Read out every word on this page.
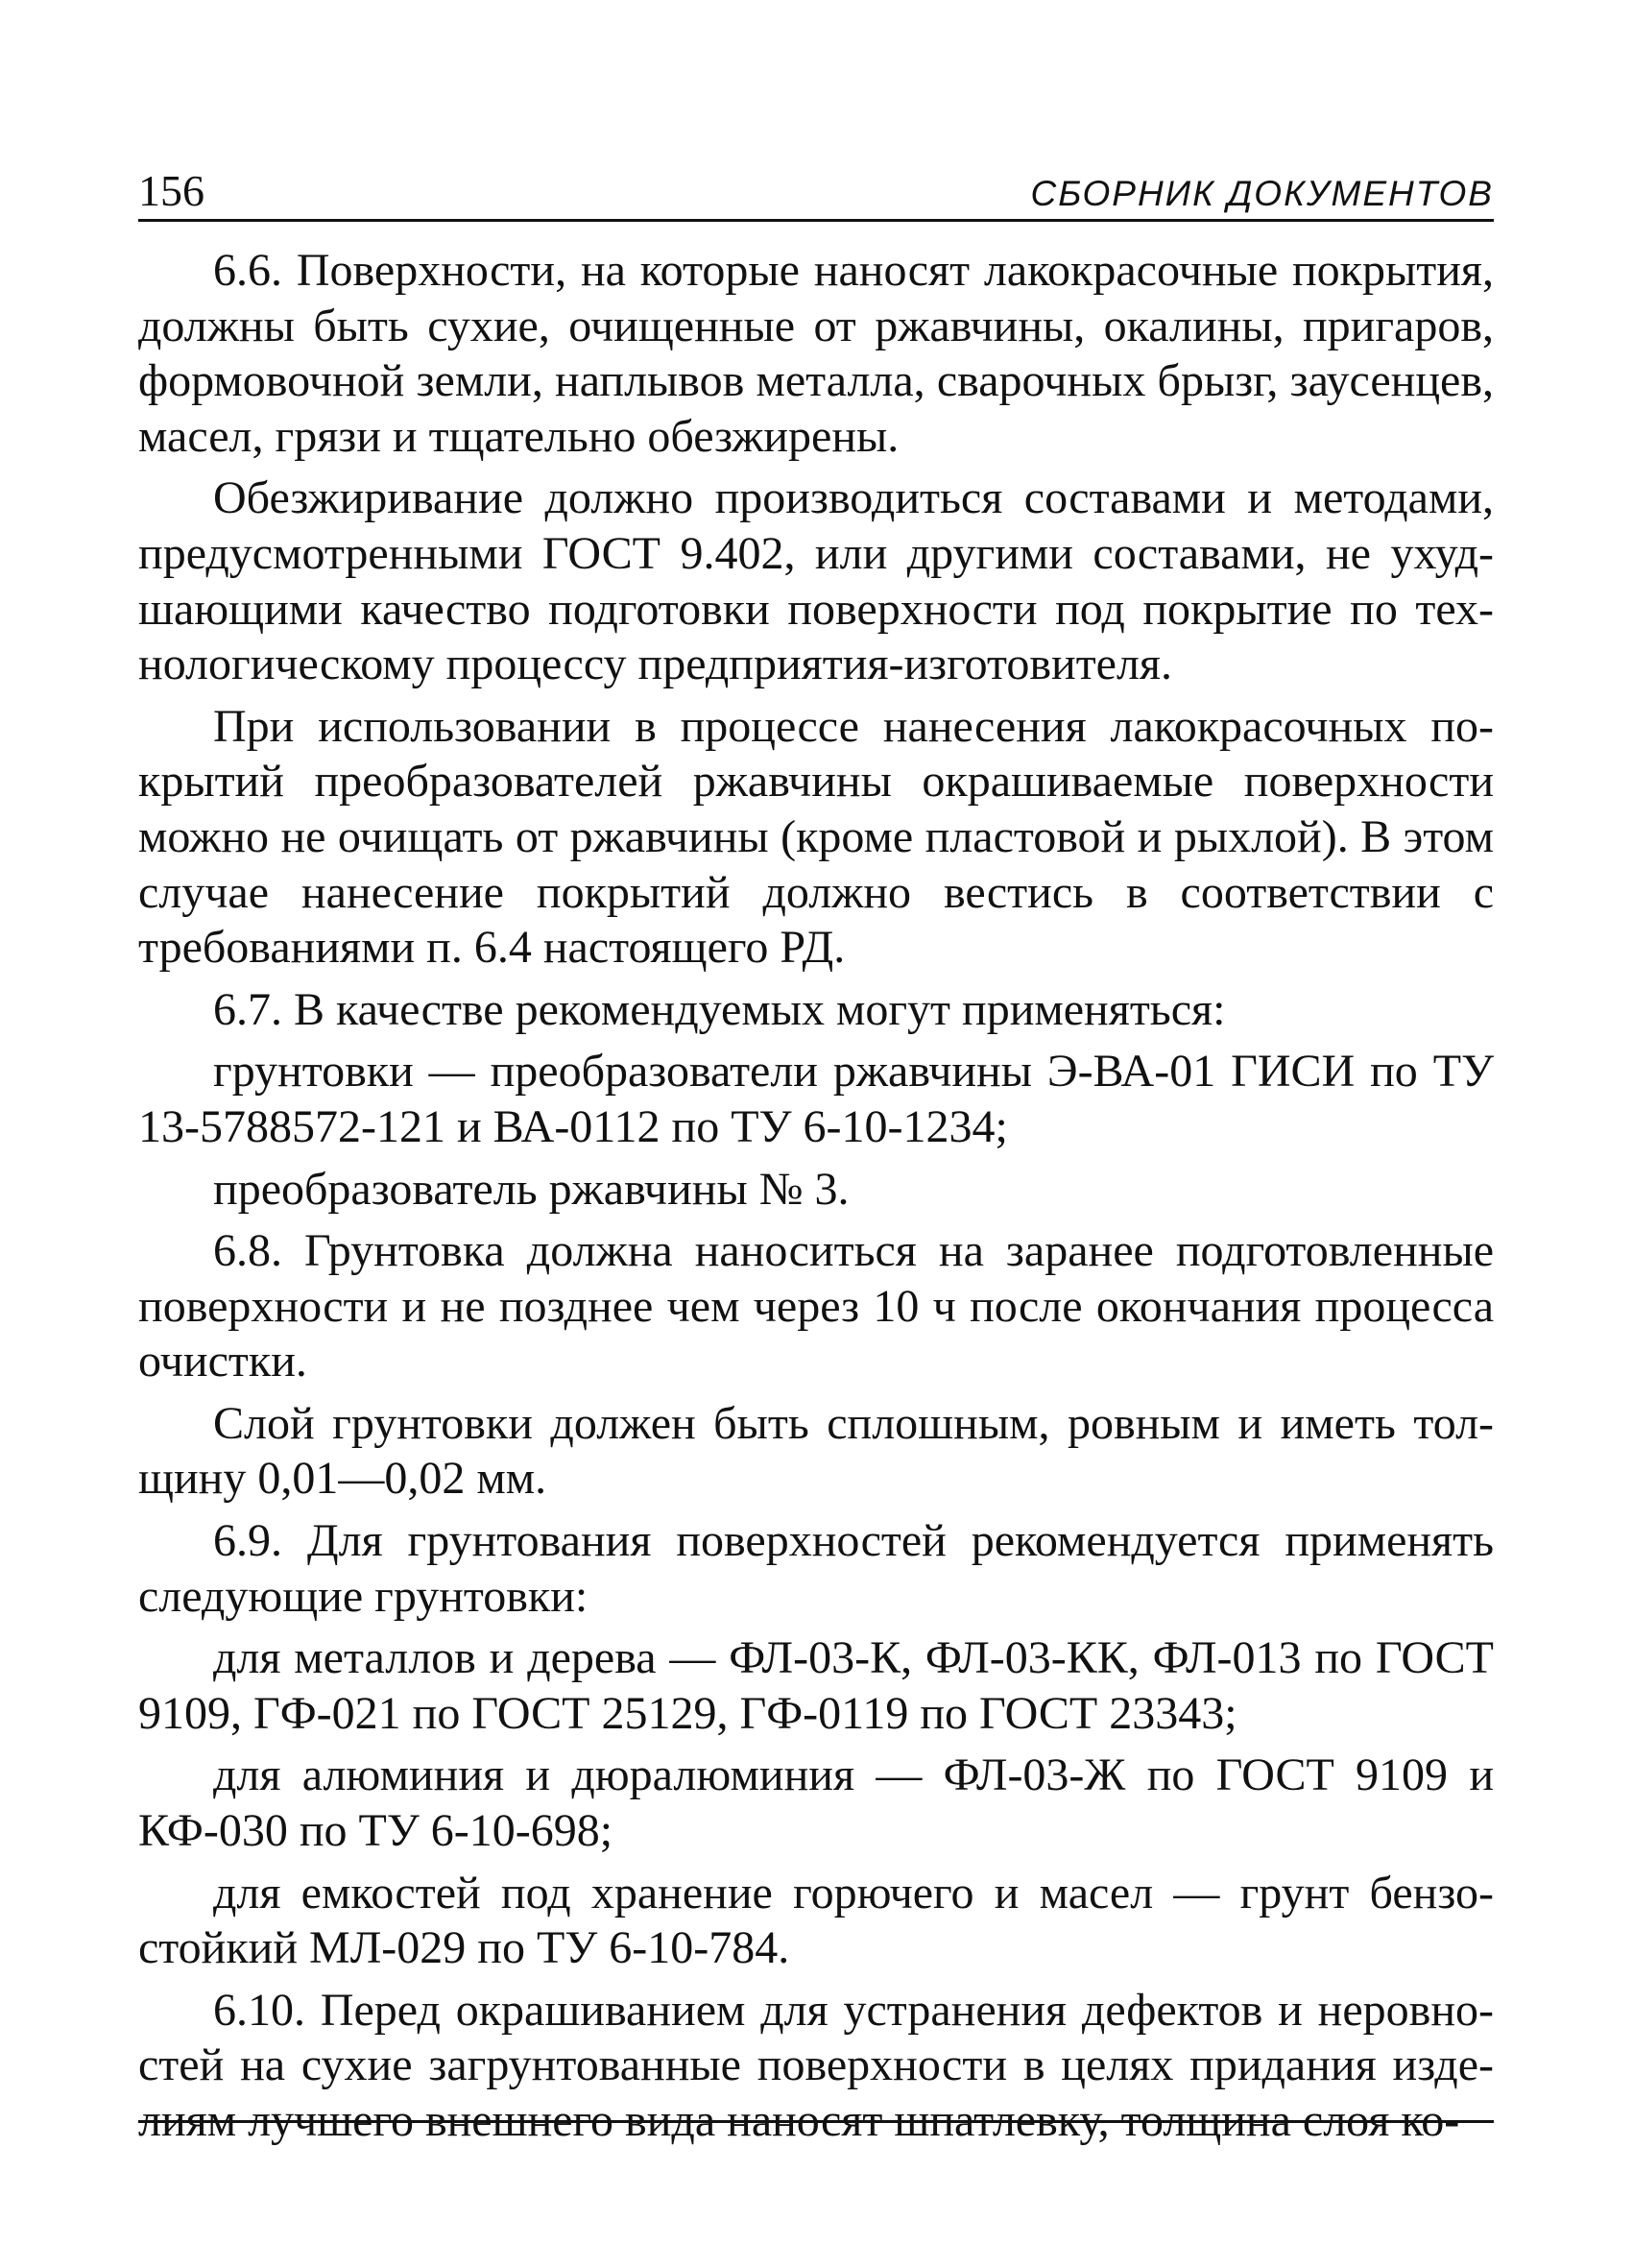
156	СБОРНИК ДОКУМЕНТОВ

6.6. Поверхности, на которые наносят лакокрасочные покрытия, должны быть сухие, очищенные от ржавчины, окалины, пригаров, формовочной земли, наплывов металла, сварочных брызг, заусенцев, масел, грязи и тщательно обезжирены.

Обезжиривание должно производиться составами и методами, предусмотренными ГОСТ 9.402, или другими составами, не ухудшающими качество подготовки поверхности под покрытие по технологическому процессу предприятия-изготовителя.

При использовании в процессе нанесения лакокрасочных покрытий преобразователей ржавчины окрашиваемые поверхности можно не очищать от ржавчины (кроме пластовой и рыхлой). В этом случае нанесение покрытий должно вестись в соответствии с требованиями п. 6.4 настоящего РД.

6.7. В качестве рекомендуемых могут применяться:

грунтовки — преобразователи ржавчины Э-ВА-01 ГИСИ по ТУ 13-5788572-121 и ВА-0112 по ТУ 6-10-1234;

преобразователь ржавчины № 3.

6.8. Грунтовка должна наноситься на заранее подготовленные поверхности и не позднее чем через 10 ч после окончания процесса очистки.

Слой грунтовки должен быть сплошным, ровным и иметь толщину 0,01—0,02 мм.

6.9. Для грунтования поверхностей рекомендуется применять следующие грунтовки:

для металлов и дерева — ФЛ-03-К, ФЛ-03-КК, ФЛ-013 по ГОСТ 9109, ГФ-021 по ГОСТ 25129, ГФ-0119 по ГОСТ 23343;

для алюминия и дюралюминия — ФЛ-03-Ж по ГОСТ 9109 и КФ-030 по ТУ 6-10-698;

для емкостей под хранение горючего и масел — грунт бензостойкий МЛ-029 по ТУ 6-10-784.

6.10. Перед окрашиванием для устранения дефектов и неровностей на сухие загрунтованные поверхности в целях придания изделиям лучшего внешнего вида наносят шпатлевку, толщина слоя ко-
